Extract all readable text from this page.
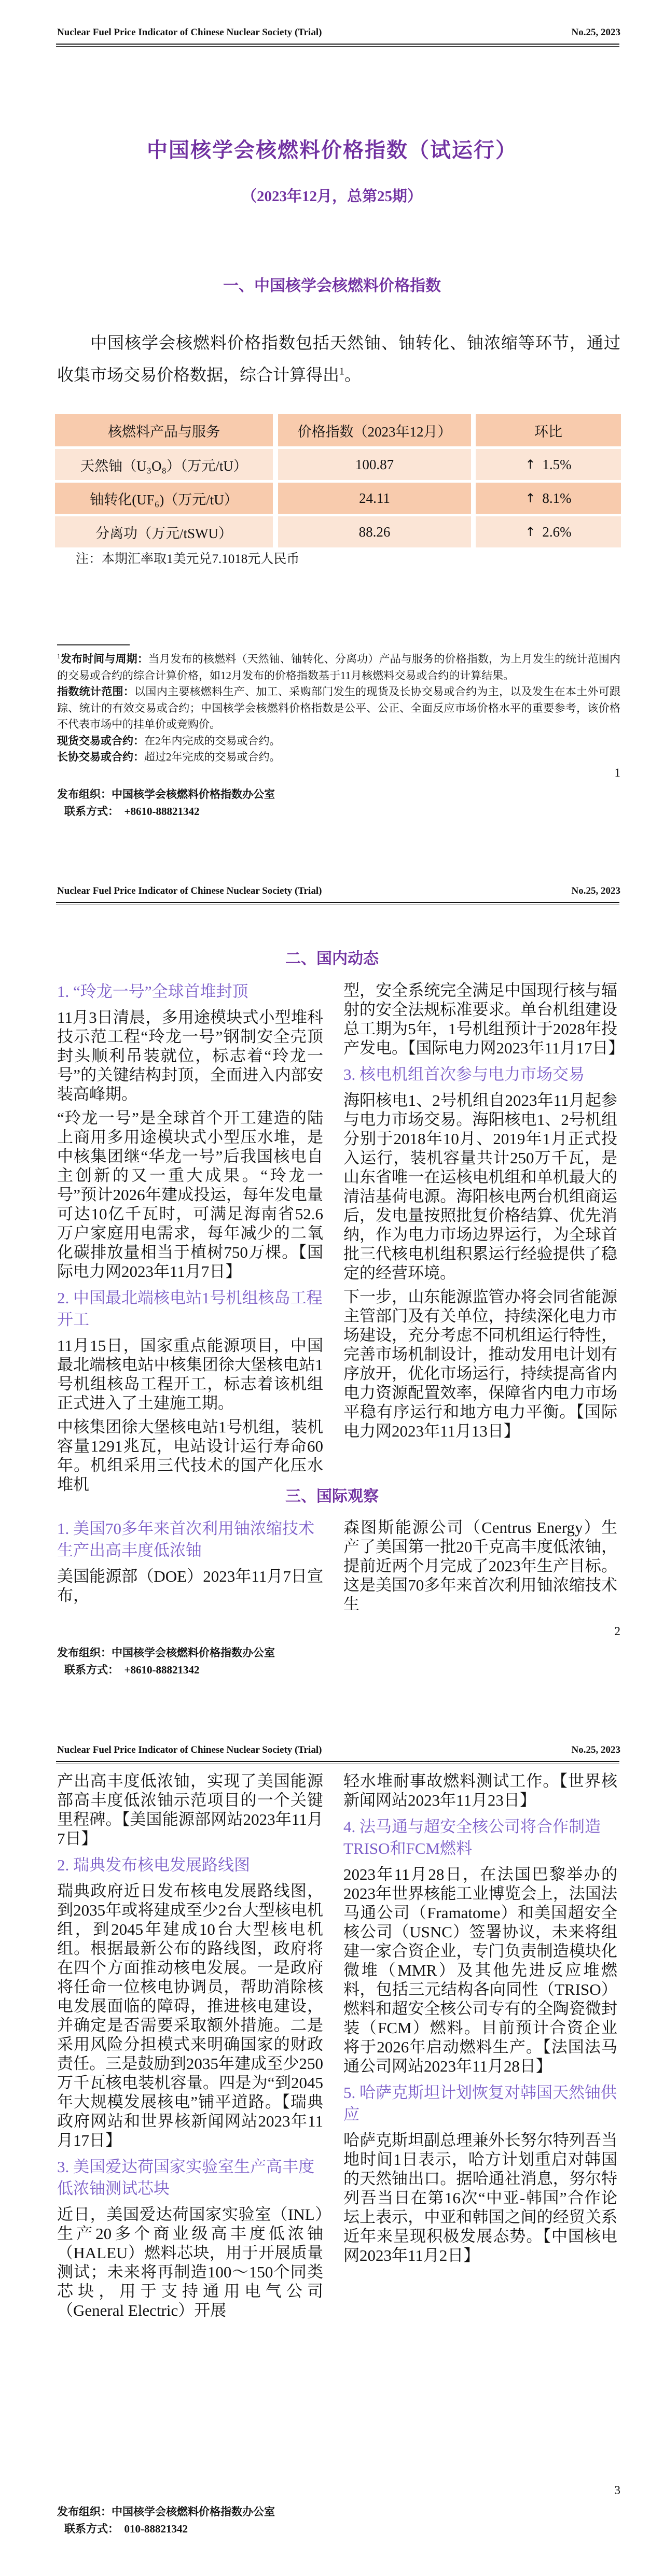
Nuclear Fuel Price Indicator of Chinese Nuclear Society (Trial)	No.25, 2023
中国核学会核燃料价格指数（试运行）
（2023年12月，总第25期）
一、中国核学会核燃料价格指数

中国核学会核燃料价格指数包括天然铀、铀转化、铀浓缩等环节，通过收集市场交易价格数据，综合计算得出$^1$。

核燃料产品与服务	价格指数（2023年12月）	环比
天然铀（U₃O₈）（万元/tU）	100.87	↑ 1.5%
铀转化(UF₆)（万元/tU）	24.11	↑ 8.1%
分离功（万元/tSWU）	88.26	↑ 2.6%
注：本期汇率取1美元兑7.1018元人民币

$^1$发布时间与周期：当月发布的核燃料（天然铀、铀转化、分离功）产品与服务的价格指数，为上月发生的统计范围内的交易或合约的综合计算价格，如12月发布的价格指数基于11月核燃料交易或合约的计算结果。

指数统计范围：以国内主要核燃料生产、加工、采购部门发生的现货及长协交易或合约为主，以及发生在本土外可跟踪、统计的有效交易或合约；中国核学会核燃料价格指数是公平、公正、全面反应市场价格水平的重要参考，该价格不代表市场中的挂单价或竞购价。

现货交易或合约：在2年内完成的交易或合约。

长协交易或合约：超过2年完成的交易或合约。

1
发布组织：中国核学会核燃料价格指数办公室
联系方式： +8610-88821342
Nuclear Fuel Price Indicator of Chinese Nuclear Society (Trial)	No.25, 2023
二、国内动态
1. “玲龙一号”全球首堆封顶

11月3日清晨，多用途模块式小型堆科技示范工程“玲龙一号”钢制安全壳顶封头顺利吊装就位，标志着“玲龙一号”的关键结构封顶，全面进入内部安装高峰期。

“玲龙一号”是全球首个开工建造的陆上商用多用途模块式小型压水堆，是中核集团继“华龙一号”后我国核电自主创新的又一重大成果。“玲龙一号”预计2026年建成投运，每年发电量可达10亿千瓦时，可满足海南省52.6万户家庭用电需求，每年减少的二氧化碳排放量相当于植树750万棵。【国际电力网2023年11月7日】

2. 中国最北端核电站1号机组核岛工程开工

11月15日，国家重点能源项目，中国最北端核电站中核集团徐大堡核电站1号机组核岛工程开工，标志着该机组正式进入了土建施工期。

中核集团徐大堡核电站1号机组，装机容量1291兆瓦，电站设计运行寿命60年。机组采用三代技术的国产化压水堆机

型，安全系统完全满足中国现行核与辐射的安全法规标准要求。单台机组建设总工期为5年，1号机组预计于2028年投产发电。【国际电力网2023年11月17日】

3. 核电机组首次参与电力市场交易

海阳核电1、2号机组自2023年11月起参与电力市场交易。海阳核电1、2号机组分别于2018年10月、2019年1月正式投入运行，装机容量共计250万千瓦，是山东省唯一在运核电机组和单机最大的清洁基荷电源。海阳核电两台机组商运后，发电量按照批复价格结算、优先消纳，作为电力市场边界运行，为全球首批三代核电机组积累运行经验提供了稳定的经营环境。

下一步，山东能源监管办将会同省能源主管部门及有关单位，持续深化电力市场建设，充分考虑不同机组运行特性，完善市场机制设计，推动发用电计划有序放开，优化市场运行，持续提高省内电力资源配置效率，保障省内电力市场平稳有序运行和地方电力平衡。【国际电力网2023年11月13日】

三、国际观察
1. 美国70多年来首次利用铀浓缩技术生产出高丰度低浓铀

美国能源部（DOE）2023年11月7日宣布，

森图斯能源公司（Centrus Energy）生产了美国第一批20千克高丰度低浓铀，提前近两个月完成了2023年生产目标。这是美国70多年来首次利用铀浓缩技术生

2
发布组织：中国核学会核燃料价格指数办公室
联系方式： +8610-88821342
Nuclear Fuel Price Indicator of Chinese Nuclear Society (Trial)	No.25, 2023

产出高丰度低浓铀，实现了美国能源部高丰度低浓铀示范项目的一个关键里程碑。【美国能源部网站2023年11月7日】

2. 瑞典发布核电发展路线图

瑞典政府近日发布核电发展路线图，到2035年或将建成至少2台大型核电机组，到2045年建成10台大型核电机组。根据最新公布的路线图，政府将在四个方面推动核电发展。一是政府将任命一位核电协调员，帮助消除核电发展面临的障碍，推进核电建设，并确定是否需要采取额外措施。二是采用风险分担模式来明确国家的财政责任。三是鼓励到2035年建成至少250万千瓦核电装机容量。四是为“到2045年大规模发展核电”铺平道路。【瑞典政府网站和世界核新闻网站2023年11月17日】

3. 美国爱达荷国家实验室生产高丰度低浓铀测试芯块

近日，美国爱达荷国家实验室（INL）生产20多个商业级高丰度低浓铀（HALEU）燃料芯块，用于开展质量测试；未来将再制造100～150个同类芯块，用于支持通用电气公司（General Electric）开展

轻水堆耐事故燃料测试工作。【世界核新闻网站2023年11月23日】

4. 法马通与超安全核公司将合作制造TRISO和FCM燃料

2023年11月28日，在法国巴黎举办的2023年世界核能工业博览会上，法国法马通公司（Framatome）和美国超安全核公司（USNC）签署协议，未来将组建一家合资企业，专门负责制造模块化微堆（MMR）及其他先进反应堆燃料，包括三元结构各向同性（TRISO）燃料和超安全核公司专有的全陶瓷微封装（FCM）燃料。目前预计合资企业将于2026年启动燃料生产。【法国法马通公司网站2023年11月28日】

5. 哈萨克斯坦计划恢复对韩国天然铀供应

哈萨克斯坦副总理兼外长努尔特列吾当地时间1日表示，哈方计划重启对韩国的天然铀出口。据哈通社消息，努尔特列吾当日在第16次“中亚-韩国”合作论坛上表示，中亚和韩国之间的经贸关系近年来呈现积极发展态势。【中国核电网2023年11月2日】

3
发布组织：中国核学会核燃料价格指数办公室
联系方式： 010-88821342
